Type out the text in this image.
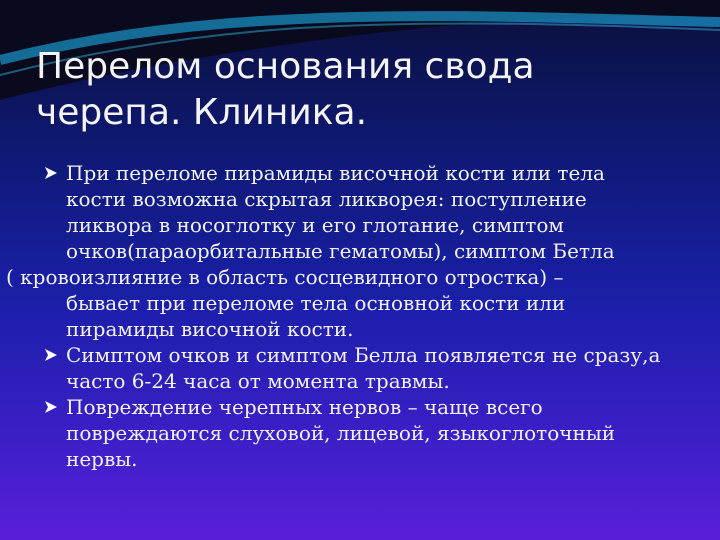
Перелом основания свода
черепа. Клиника.

При переломе пирамиды височной кости или тела
кости возможна скрытая ликворея: поступление
ликвора в носоглотку и его глотание, симптом
очков(параорбитальные гематомы), симптом Бетла

( кровоизлияние в область сосцевидного отростка) –
бывает при переломе тела основной кости или
пирамиды височной кости.

Симптом очков и симптом Белла появляется не сразу,а
часто 6-24 часа от момента травмы.

Повреждение черепных нервов – чаще всего
повреждаются слуховой, лицевой, языкоглоточный
нервы.
